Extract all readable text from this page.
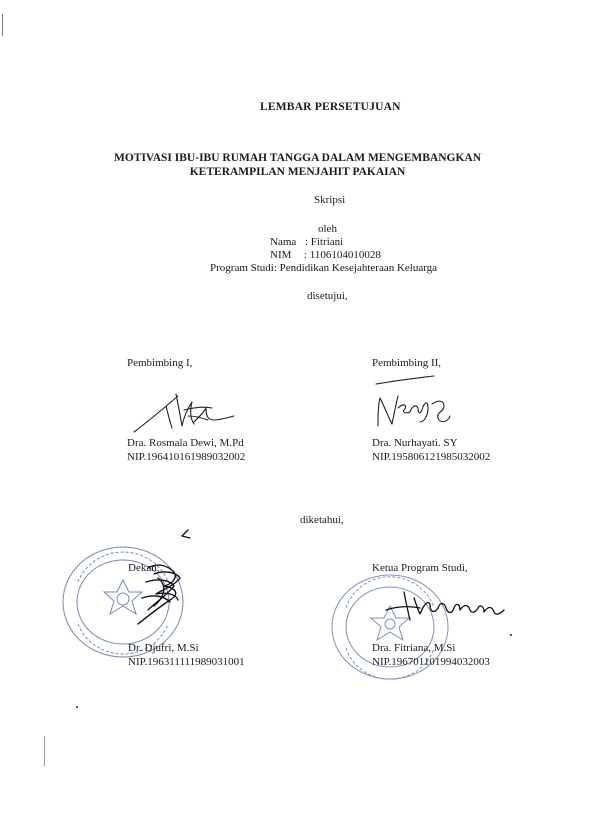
LEMBAR PERSETUJUAN
MOTIVASI IBU-IBU RUMAH TANGGA DALAM MENGEMBANGKAN
KETERAMPILAN MENJAHIT PAKAIAN
Skripsi
oleh
Nama : Fitriani
NIM : 1106104010028
Program Studi: Pendidikan Kesejahteraan Keluarga
disetujui,
Pembimbing I,
Dra. Rosmala Dewi, M.Pd
NIP.196410161989032002
Pembimbing II,
Dra. Nurhayati. SY
NIP.195806121985032002
diketahui,
Dekan,
Dr. Djufri, M.Si
NIP.196311111989031001
Ketua Program Studi,
Dra. Fitriana, M.Si
NIP.196701101994032003
